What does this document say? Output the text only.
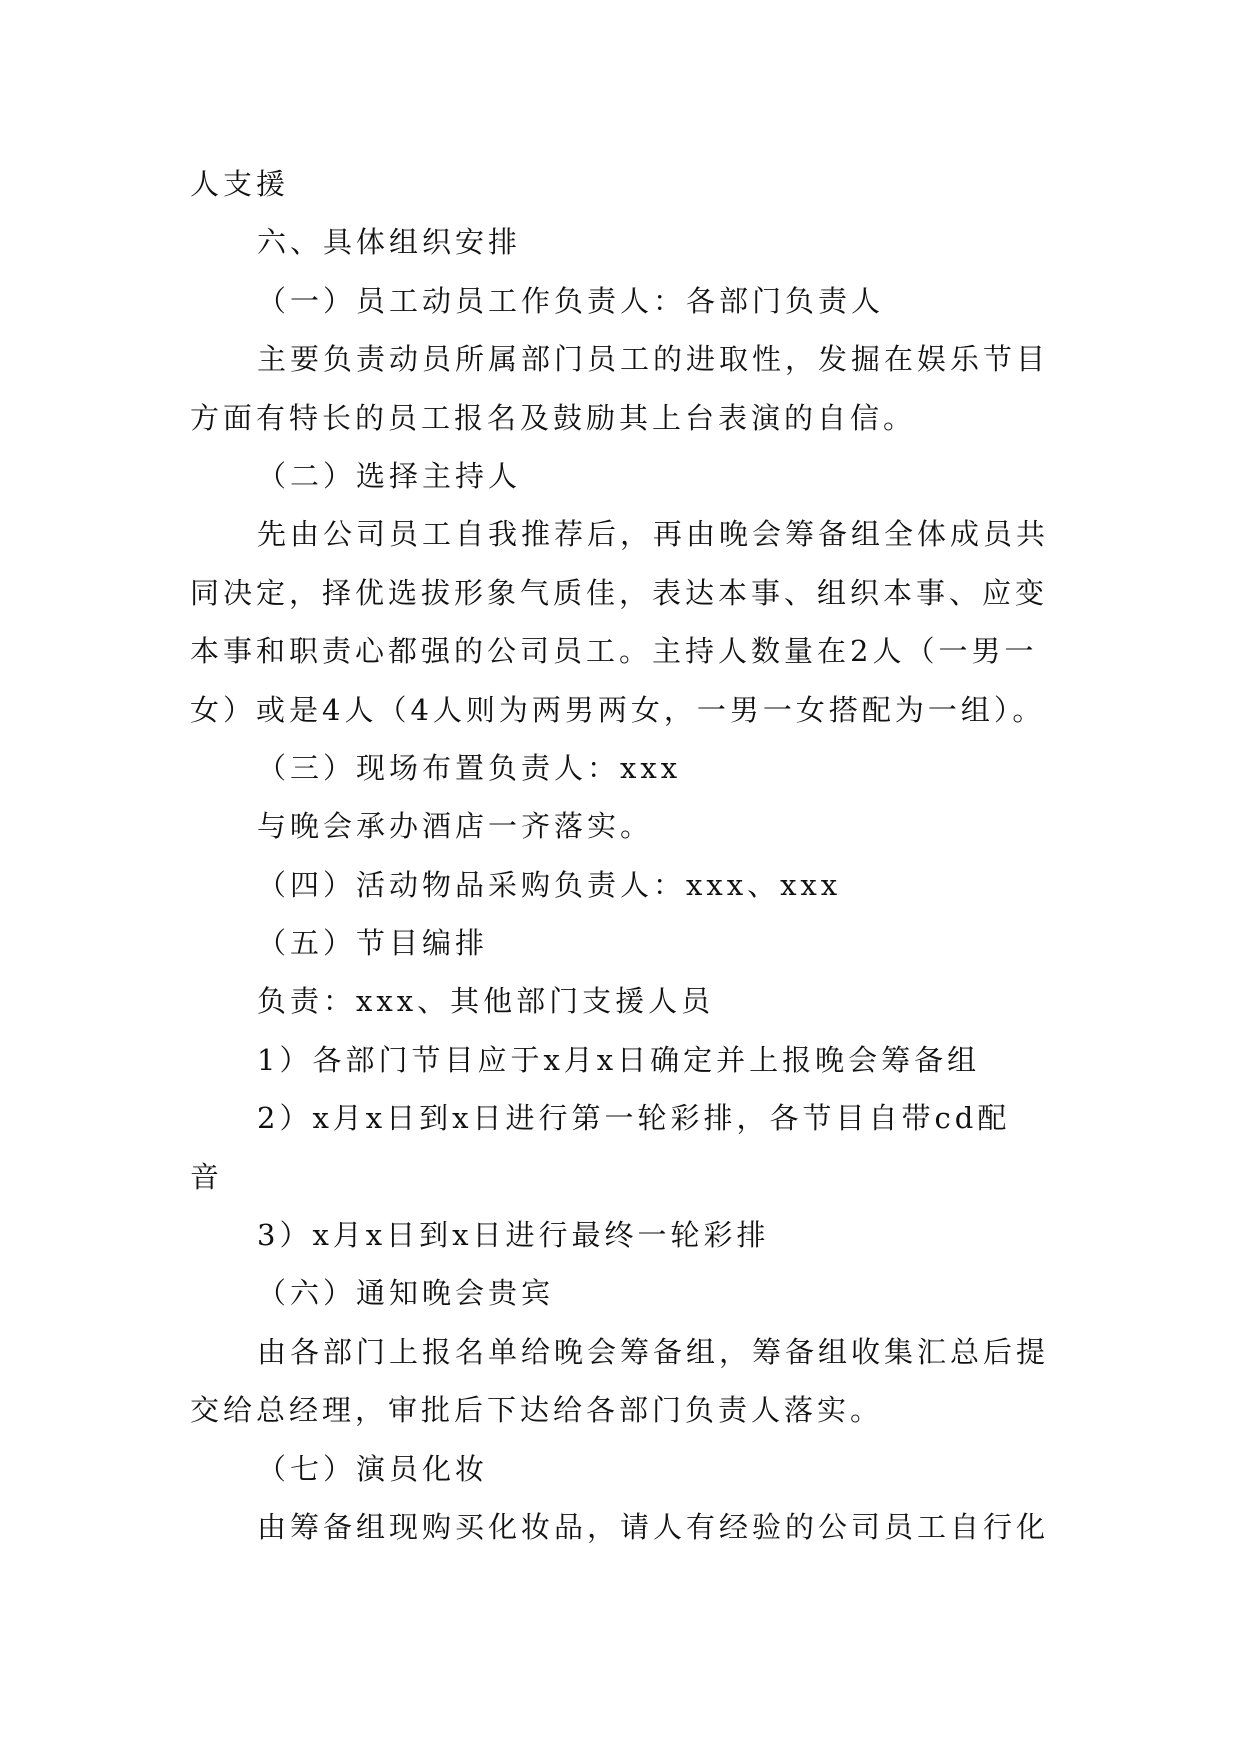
人支援
六、具体组织安排
（一）员工动员工作负责人：各部门负责人
主要负责动员所属部门员工的进取性，发掘在娱乐节目
方面有特长的员工报名及鼓励其上台表演的自信。
（二）选择主持人
先由公司员工自我推荐后，再由晚会筹备组全体成员共
同决定，择优选拔形象气质佳，表达本事、组织本事、应变
本事和职责心都强的公司员工。主持人数量在2人（一男一
女）或是4人（4人则为两男两女，一男一女搭配为一组）。
（三）现场布置负责人：xxx
与晚会承办酒店一齐落实。
（四）活动物品采购负责人：xxx、xxx
（五）节目编排
负责：xxx、其他部门支援人员
1）各部门节目应于x月x日确定并上报晚会筹备组
2）x月x日到x日进行第一轮彩排，各节目自带cd配
音
3）x月x日到x日进行最终一轮彩排
（六）通知晚会贵宾
由各部门上报名单给晚会筹备组，筹备组收集汇总后提
交给总经理，审批后下达给各部门负责人落实。
（七）演员化妆
由筹备组现购买化妆品，请人有经验的公司员工自行化
